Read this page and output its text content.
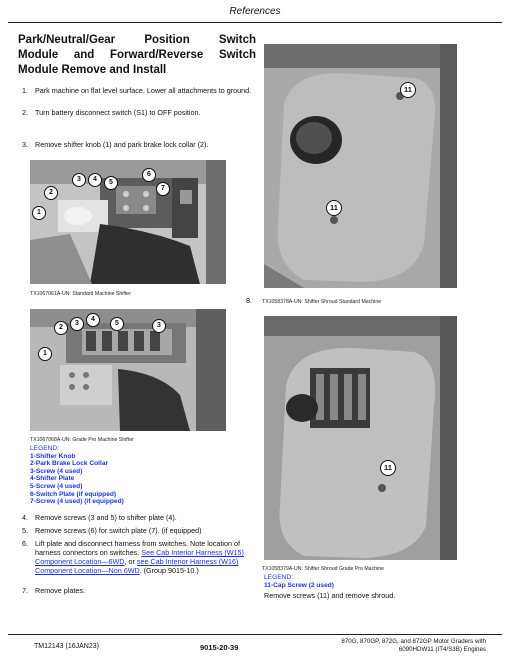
References
Park/Neutral/Gear Position Switch
Module and Forward/Reverse Switch
Module Remove and Install
1. Park machine on flat level surface. Lower all attachments to ground.
2. Turn battery disconnect switch (S1) to OFF position.
3. Remove shifter knob (1) and park brake lock collar (2).
2
1
3	4	5
6
7
TX1067061A-UN: Standard Machine Shifter
1
2
3
4
5	3
TX1067068A-UN: Grade Pro Machine Shifter
LEGEND:
1-Shifter Knob
2-Park Brake Lock Collar
3-Screw (4 used)
4-Shifter Plate
5-Screw (4 used)
6-Switch Plate (if equipped)
7-Screw (4 used) (if equipped)
4. Remove screws (3 and 5) to shifter plate (4).
5. Remove screws (6) for switch plate (7). (if equipped)
6. Lift plate and disconnect harness from switches. Note location of harness connectors on switches. See Cab Interior Harness (W15) Component Location—6WD, or see Cab Interior Harness (W16) Component Location—Non 6WD. (Group 9015-10.)
7. Remove plates.
11
11
8.	TX1058378A-UN: Shifter Shroud Standard Machine
11
TX1058379A-UN: Shifter Shroud Grade Pro Machine
LEGEND:
11-Cap Screw (2 used)
Remove screws (11) and remove shroud.
TM12143 (16JAN23)	9015-20-39
870G, 870GP, 872G, and 872GP Motor Graders with
6090HDW11 (IT4/S3B) Engines
